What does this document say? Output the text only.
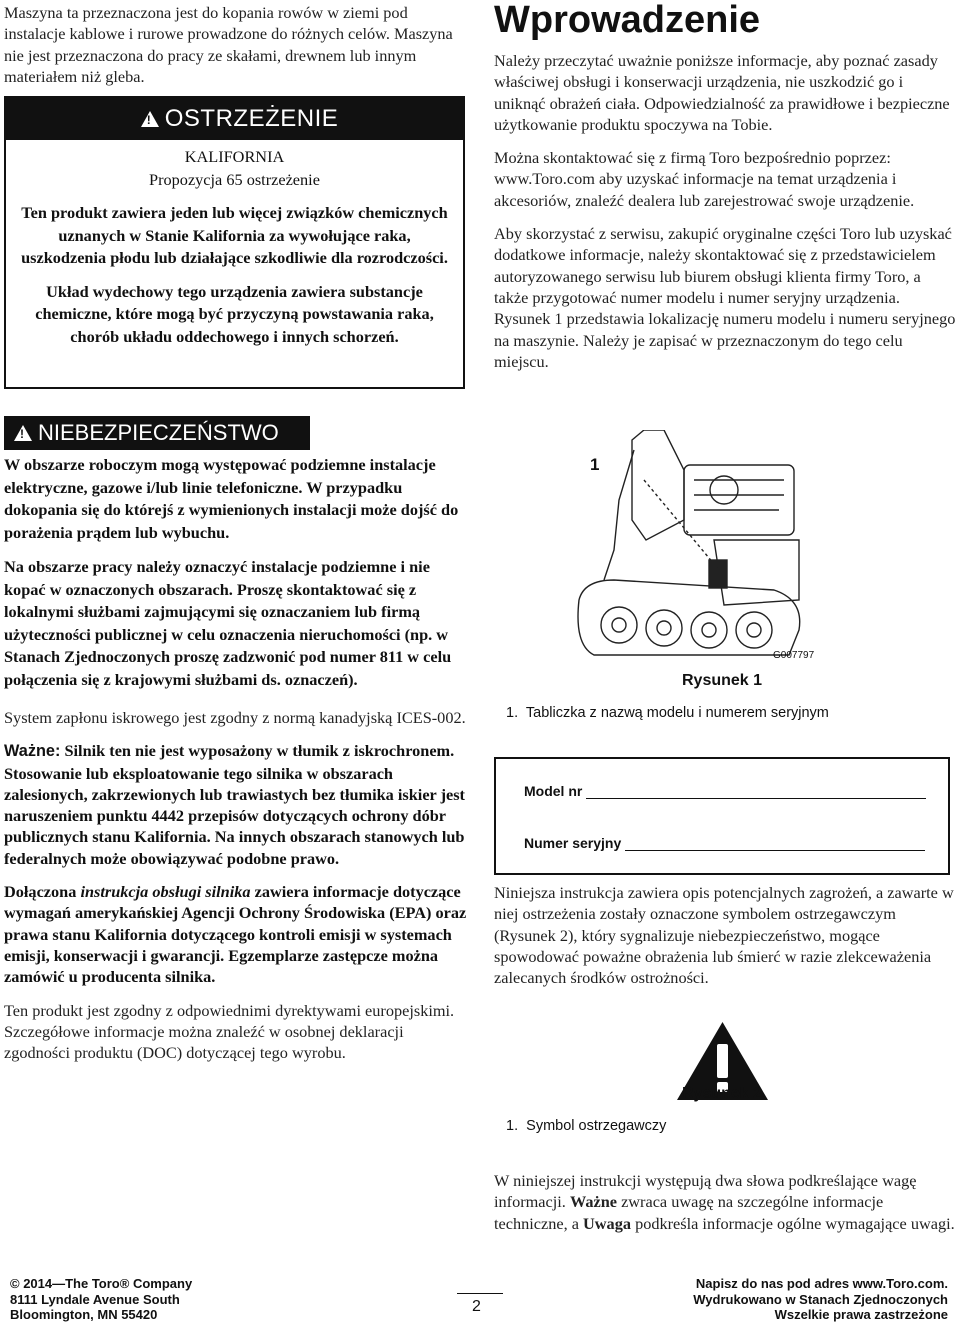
Maszyna ta przeznaczona jest do kopania rowów w ziemi pod instalacje kablowe i rurowe prowadzone do różnych celów. Maszyna nie jest przeznaczona do pracy ze skałami, drewnem lub innym materiałem niż gleba.

!
OSTRZEŻENIE
KALIFORNIA
Propozycja 65 ostrzeżenie
Ten produkt zawiera jeden lub więcej związków chemicznych uznanych w Stanie Kalifornia za wywołujące raka, uszkodzenia płodu lub działające szkodliwie dla rozrodczości.
Układ wydechowy tego urządzenia zawiera substancje chemiczne, które mogą być przyczyną powstawania raka, chorób układu oddechowego i innych schorzeń.
!
NIEBEZPIECZEŃSTWO

W obszarze roboczym mogą występować podziemne instalacje elektryczne, gazowe i/lub linie telefoniczne. W przypadku dokopania się do którejś z wymienionych instalacji może dojść do porażenia prądem lub wybuchu.

Na obszarze pracy należy oznaczyć instalacje podziemne i nie kopać w oznaczonych obszarach. Proszę skontaktować się z lokalnymi służbami zajmującymi się oznaczaniem lub firmą użyteczności publicznej w celu oznaczenia nieruchomości (np. w Stanach Zjednoczonych proszę zadzwonić pod numer 811 w celu połączenia się z krajowymi służbami ds. oznaczeń).

System zapłonu iskrowego jest zgodny z normą kanadyjską ICES-002.

Ważne: Silnik ten nie jest wyposażony w tłumik z iskrochronem. Stosowanie lub eksploatowanie tego silnika w obszarach zalesionych, zakrzewionych lub trawiastych bez tłumika iskier jest naruszeniem punktu 4442 przepisów dotyczących ochrony dóbr publicznych stanu Kalifornia. Na innych obszarach stanowych lub federalnych może obowiązywać podobne prawo.

Dołączona instrukcja obsługi silnika zawiera informacje dotyczące wymagań amerykańskiej Agencji Ochrony Środowiska (EPA) oraz prawa stanu Kalifornia dotyczącego kontroli emisji w systemach emisji, konserwacji i gwarancji. Egzemplarze zastępcze można zamówić u producenta silnika.

Ten produkt jest zgodny z odpowiednimi dyrektywami europejskimi. Szczegółowe informacje można znaleźć w osobnej deklaracji zgodności produktu (DOC) dotyczącej tego wyrobu.

Wprowadzenie

Należy przeczytać uważnie poniższe informacje, aby poznać zasady właściwej obsługi i konserwacji urządzenia, nie uszkodzić go i uniknąć obrażeń ciała. Odpowiedzialność za prawidłowe i bezpieczne użytkowanie produktu spoczywa na Tobie.

Można skontaktować się z firmą Toro bezpośrednio poprzez: www.Toro.com aby uzyskać informacje na temat urządzenia i akcesoriów, znaleźć dealera lub zarejestrować swoje urządzenie.

Aby skorzystać z serwisu, zakupić oryginalne części Toro lub uzyskać dodatkowe informacje, należy skontaktować się z przedstawicielem autoryzowanego serwisu lub biurem obsługi klienta firmy Toro, a także przygotować numer modelu i numer seryjny urządzenia. Rysunek 1 przedstawia lokalizację numeru modelu i numeru seryjnego na maszynie. Należy je zapisać w przeznaczonym do tego celu miejscu.

1
G007797
Rysunek 1
1.  Tabliczka z nazwą modelu i numerem seryjnym
Model nr
Numer seryjny

Niniejsza instrukcja zawiera opis potencjalnych zagrożeń, a zawarte w niej ostrzeżenia zostały oznaczone symbolem ostrzegawczym (Rysunek 2), który sygnalizuje niebezpieczeństwo, mogące spowodować poważne obrażenia lub śmierć w razie zlekceważenia zalecanych środków ostrożności.

Rysunek 2
1.  Symbol ostrzegawczy

W niniejszej instrukcji występują dwa słowa podkreślające wagę informacji. Ważne zwraca uwagę na szczególne informacje techniczne, a Uwaga podkreśla informacje ogólne wymagające uwagi.

© 2014—The Toro® Company
8111 Lyndale Avenue South
Bloomington, MN 55420	2
Napisz do nas pod adres www.Toro.com.
Wydrukowano w Stanach Zjednoczonych
Wszelkie prawa zastrzeżone
